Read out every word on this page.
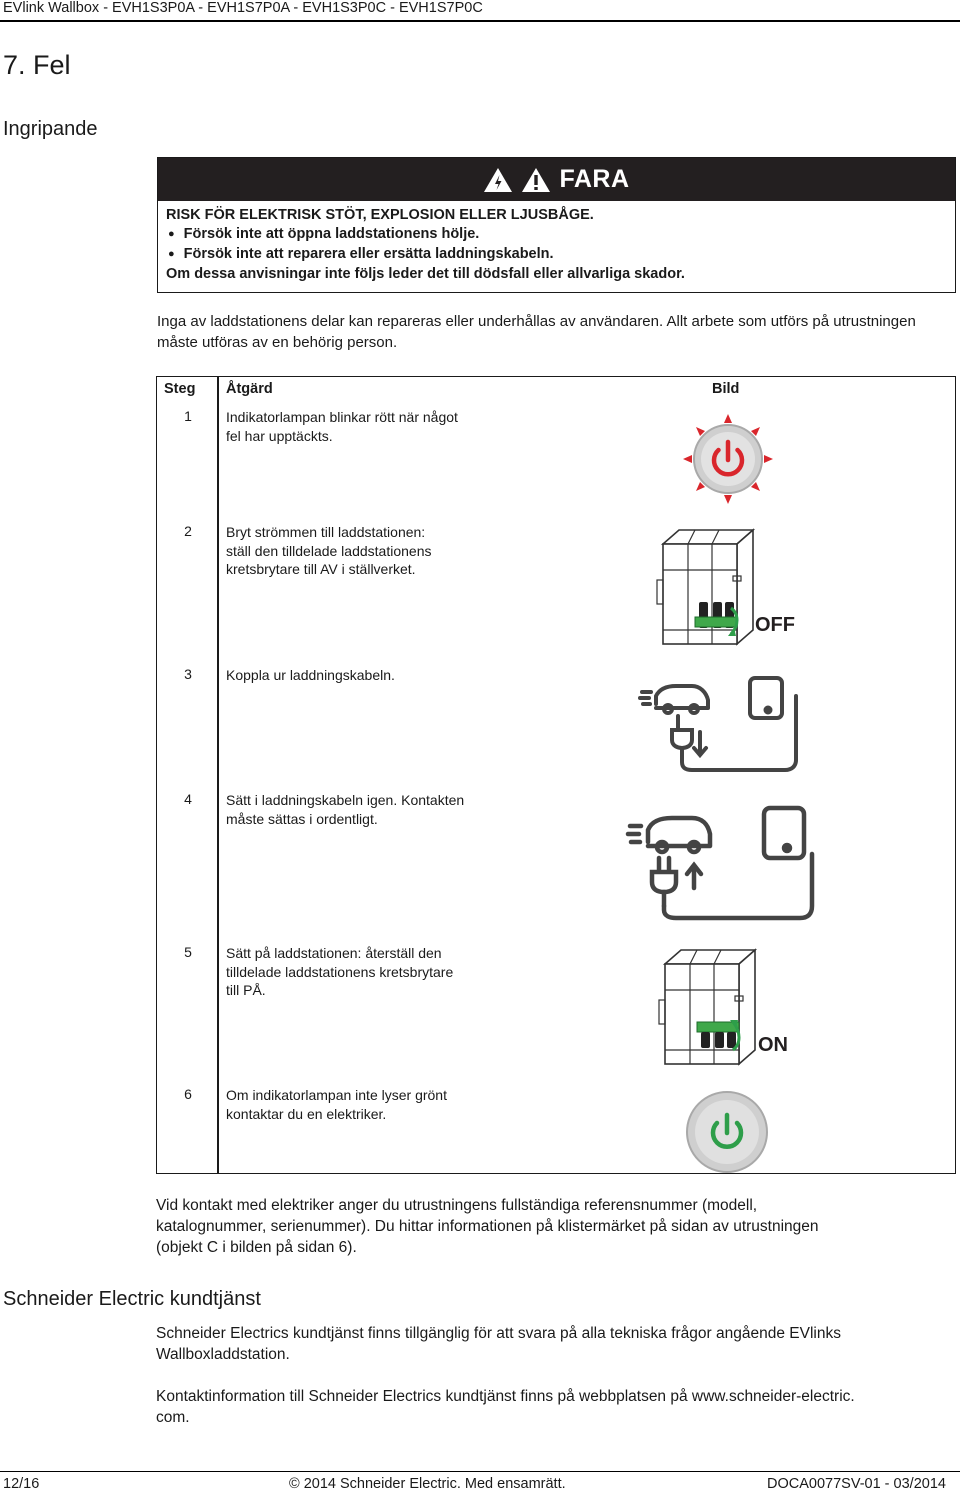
EVlink Wallbox - EVH1S3P0A - EVH1S7P0A - EVH1S3P0C - EVH1S7P0C
7. Fel
Ingripande
FARA
RISK FÖR ELEKTRISK STÖT, EXPLOSION ELLER LJUSBÅGE.
● Försök inte att öppna laddstationens hölje.
● Försök inte att reparera eller ersätta laddningskabeln.
Om dessa anvisningar inte följs leder det till dödsfall eller allvarliga skador.
Inga av laddstationens delar kan repareras eller underhållas av användaren. Allt arbete som utförs på utrustningen måste utföras av en behörig person.
Steg Åtgärd	Bild
1	Indikatorlampan blinkar rött när något
fel har upptäckts.
2	Bryt strömmen till laddstationen:
ställ den tilldelade laddstationens
kretsbrytare till AV i ställverket.
OFF
3	Koppla ur laddningskabeln.
4	Sätt i laddningskabeln igen. Kontakten
måste sättas i ordentligt.
5	Sätt på laddstationen: återställ den
tilldelade laddstationens kretsbrytare
till PÅ.
ON
6	Om indikatorlampan inte lyser grönt
kontaktar du en elektriker.
Vid kontakt med elektriker anger du utrustningens fullständiga referensnummer (modell,
katalognummer, serienummer). Du hittar informationen på klistermärket på sidan av utrustningen
(objekt C i bilden på sidan 6).
Schneider Electric kundtjänst
Schneider Electrics kundtjänst finns tillgänglig för att svara på alla tekniska frågor angående EVlinks
Wallboxladdstation.
Kontaktinformation till Schneider Electrics kundtjänst finns på webbplatsen på www.schneider-electric.
com.
12/16	© 2014 Schneider Electric. Med ensamrätt.	DOCA0077SV-01 - 03/2014
